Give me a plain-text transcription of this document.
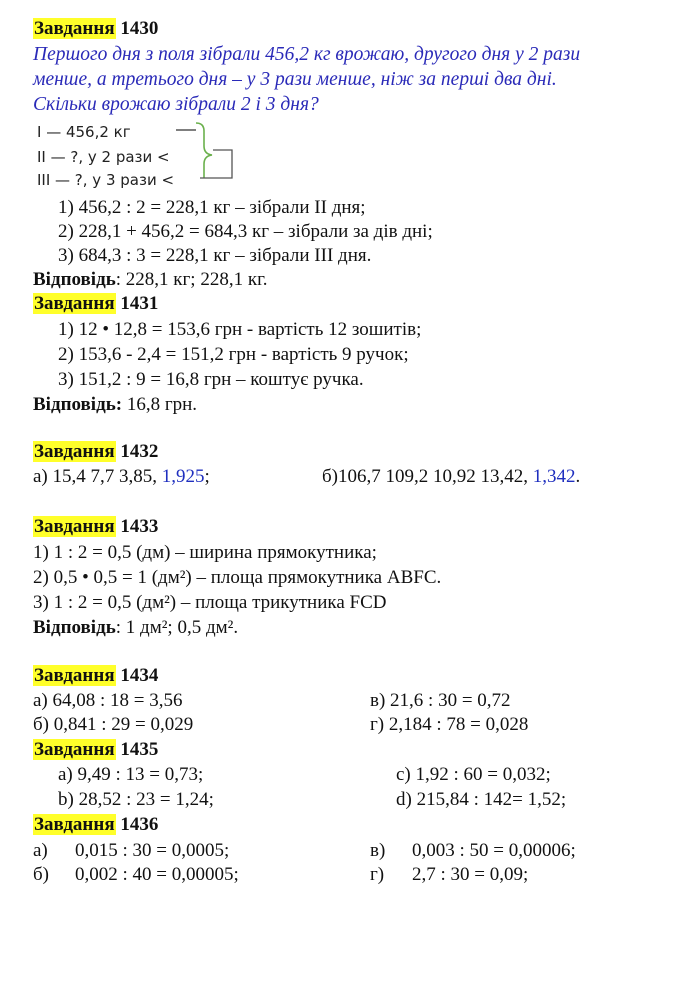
Завдання 1430
Першого дня з поля зібрали 456,2 кг врожаю, другого дня у 2 рази
менше, а третього дня – у 3 рази менше, ніж за перші два дні.
Скільки врожаю зібрали 2 і 3 дня?
I — 456,2 кг
II — ?, у 2 рази <
III — ?, у 3 рази <
1) 456,2 : 2 = 228,1 кг – зібрали II дня;
2) 228,1 + 456,2 = 684,3 кг – зібрали за дів дні;
3) 684,3 : 3 = 228,1 кг – зібрали III дня.
Відповідь: 228,1 кг; 228,1 кг.
Завдання 1431
1) 12 • 12,8 = 153,6 грн - вартість 12 зошитів;
2) 153,6 - 2,4 = 151,2 грн - вартість 9 ручок;
3) 151,2 : 9 = 16,8 грн – коштує ручка.
Відповідь: 16,8 грн.
Завдання 1432
а) 15,4 7,7 3,85, 1,925;	б)106,7 109,2 10,92 13,42, 1,342.
Завдання 1433
1) 1 : 2 = 0,5 (дм) – ширина прямокутника;
2) 0,5 • 0,5 = 1 (дм²) – площа прямокутника ABFC.
3) 1 : 2 = 0,5 (дм²) – площа трикутника FCD
Відповідь: 1 дм²; 0,5 дм².
Завдання 1434
а) 64,08 : 18 = 3,56
б) 0,841 : 29 = 0,029
в) 21,6 : 30 = 0,72
г) 2,184 : 78 = 0,028
Завдання 1435
a) 9,49 : 13 = 0,73;
b) 28,52 : 23 = 1,24;
c) 1,92 : 60 = 0,032;
d) 215,84 : 142= 1,52;
Завдання 1436
а) 0,015 : 30 = 0,0005;
б) 0,002 : 40 = 0,00005;
в) 0,003 : 50 = 0,00006;
г) 2,7 : 30 = 0,09;
